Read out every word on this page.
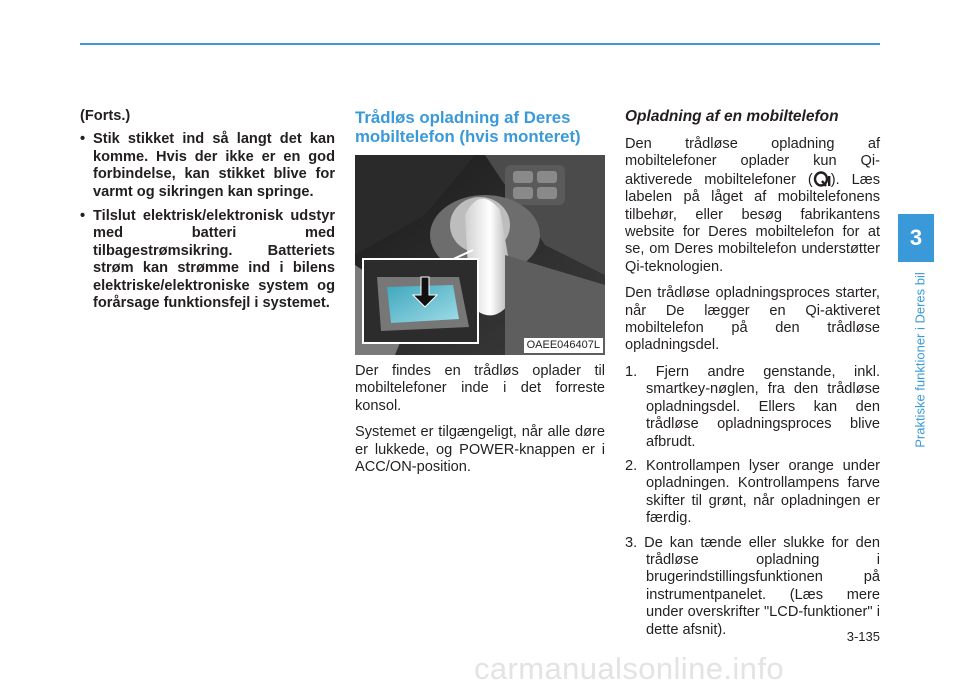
(Forts.)

• Stik stikket ind så langt det kan komme. Hvis der ikke er en god forbindelse, kan stikket blive for varmt og sikringen kan springe.
• Tilslut elektrisk/elektronisk udstyr med batteri med tilbagestrømsikring. Batteriets strøm kan strømme ind i bilens elektriske/elektroniske system og forårsage funktionsfejl i systemet.
Trådløs opladning af Deres mobiltelefon (hvis monteret)
OAEE046407L

Der findes en trådløs oplader til mobiltelefoner inde i det forreste konsol.

Systemet er tilgængeligt, når alle døre er lukkede, og POWER-knappen er i ACC/ON-position.

Opladning af en mobiltelefon

Den trådløse opladning af mobiltelefoner oplader kun Qi-aktiverede mobiltelefoner ( ). Læs labelen på låget af mobiltelefonens tilbehør, eller besøg fabrikantens website for Deres mobiltelefon for at se, om Deres mobiltelefon understøtter Qi-teknologien.

Den trådløse opladningsproces starter, når De lægger en Qi-aktiveret mobiltelefon på den trådløse opladningsdel.

1. Fjern andre genstande, inkl. smartkey-nøglen, fra den trådløse opladningsdel. Ellers kan den trådløse opladningsproces blive afbrudt.
2. Kontrollampen lyser orange under opladningen. Kontrollampens farve skifter til grønt, når opladningen er færdig.
3. De kan tænde eller slukke for den trådløse opladning i brugerindstillingsfunktionen på instrumentpanelet. (Læs mere under overskrifter "LCD-funktioner" i dette afsnit).
3
Praktiske funktioner i Deres bil
3-135
carmanualsonline.info
